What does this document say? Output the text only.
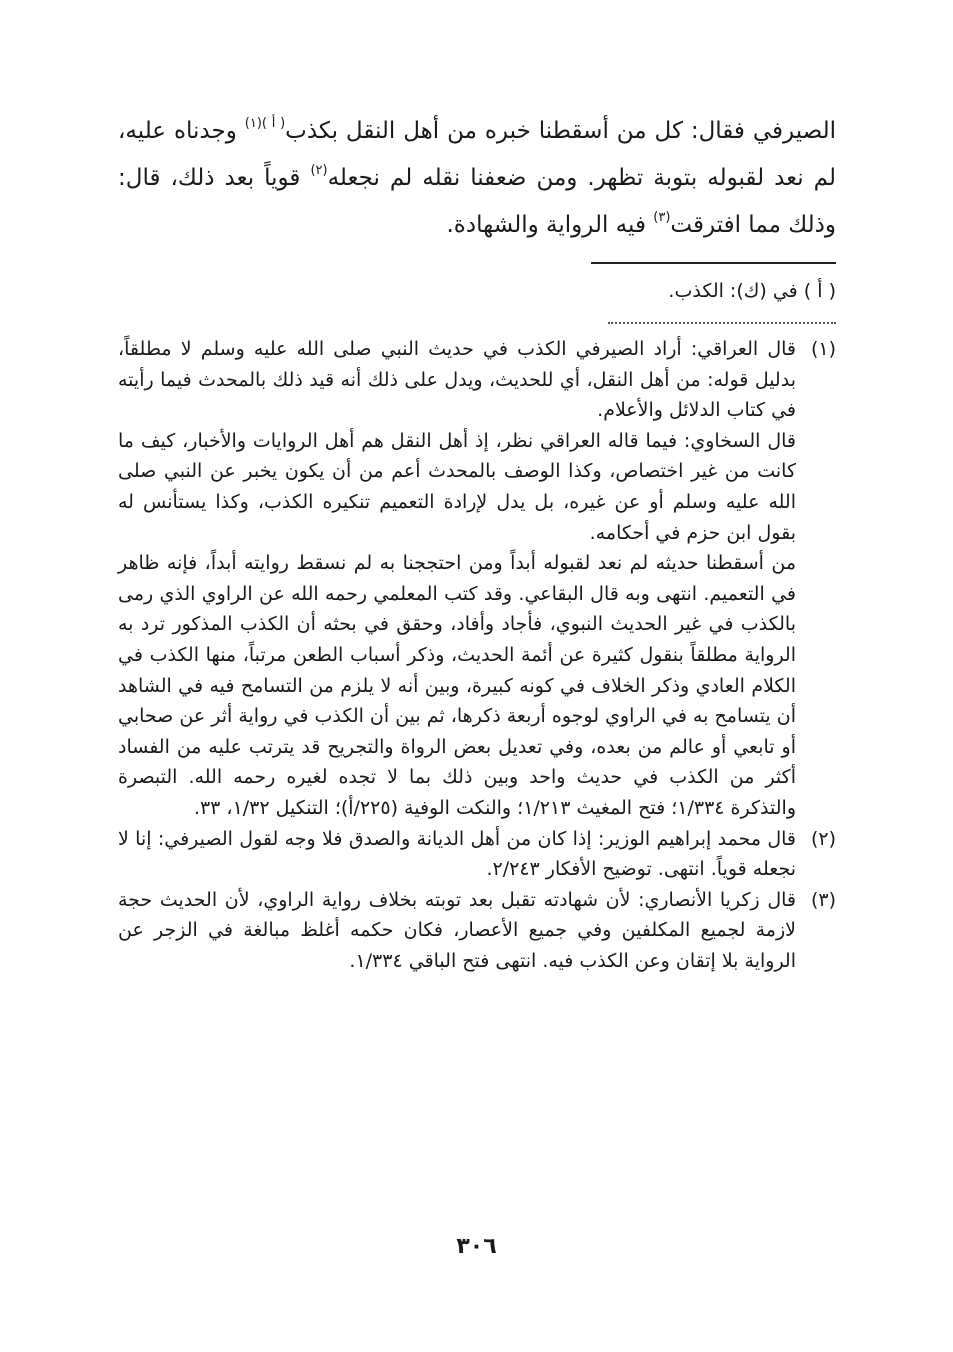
الصيرفي فقال: كل من أسقطنا خبره من أهل النقل بكذب$^{( أ )(١)}$ وجدناه عليه، لم نعد لقبوله بتوبة تظهر. ومن ضعفنا نقله لم نجعله$^{(٢)}$ قوياً بعد ذلك، قال: وذلك مما افترقت$^{(٣)}$ فيه الرواية والشهادة.

( أ ) في (ك): الكذب.
(١)

قال العراقي: أراد الصيرفي الكذب في حديث النبي صلى الله عليه وسلم لا مطلقاً، بدليل قوله: من أهل النقل، أي للحديث، ويدل على ذلك أنه قيد ذلك بالمحدث فيما رأيته في كتاب الدلائل والأعلام.

قال السخاوي: فيما قاله العراقي نظر، إذ أهل النقل هم أهل الروايات والأخبار، كيف ما كانت من غير اختصاص، وكذا الوصف بالمحدث أعم من أن يكون يخبر عن النبي صلى الله عليه وسلم أو عن غيره، بل يدل لإرادة التعميم تنكيره الكذب، وكذا يستأنس له بقول ابن حزم في أحكامه.

من أسقطنا حديثه لم نعد لقبوله أبداً ومن احتججنا به لم نسقط روايته أبداً، فإنه ظاهر في التعميم. انتهى وبه قال البقاعي. وقد كتب المعلمي رحمه الله عن الراوي الذي رمى بالكذب في غير الحديث النبوي، فأجاد وأفاد، وحقق في بحثه أن الكذب المذكور ترد به الرواية مطلقاً بنقول كثيرة عن أئمة الحديث، وذكر أسباب الطعن مرتباً، منها الكذب في الكلام العادي وذكر الخلاف في كونه كبيرة، وبين أنه لا يلزم من التسامح فيه في الشاهد أن يتسامح به في الراوي لوجوه أربعة ذكرها، ثم بين أن الكذب في رواية أثر عن صحابي أو تابعي أو عالم من بعده، وفي تعديل بعض الرواة والتجريح قد يترتب عليه من الفساد أكثر من الكذب في حديث واحد وبين ذلك بما لا تجده لغيره رحمه الله. التبصرة والتذكرة ١/٣٣٤؛ فتح المغيث ١/٢١٣؛ والنكت الوفية (٢٢٥/أ)؛ التنكيل ١/٣٢، ٣٣.

(٢)

قال محمد إبراهيم الوزير: إذا كان من أهل الديانة والصدق فلا وجه لقول الصيرفي: إنا لا نجعله قوياً. انتهى. توضيح الأفكار ٢/٢٤٣.

(٣)

قال زكريا الأنصاري: لأن شهادته تقبل بعد توبته بخلاف رواية الراوي، لأن الحديث حجة لازمة لجميع المكلفين وفي جميع الأعصار، فكان حكمه أغلظ مبالغة في الزجر عن الرواية بلا إتقان وعن الكذب فيه. انتهى فتح الباقي ١/٣٣٤.

٣٠٦
